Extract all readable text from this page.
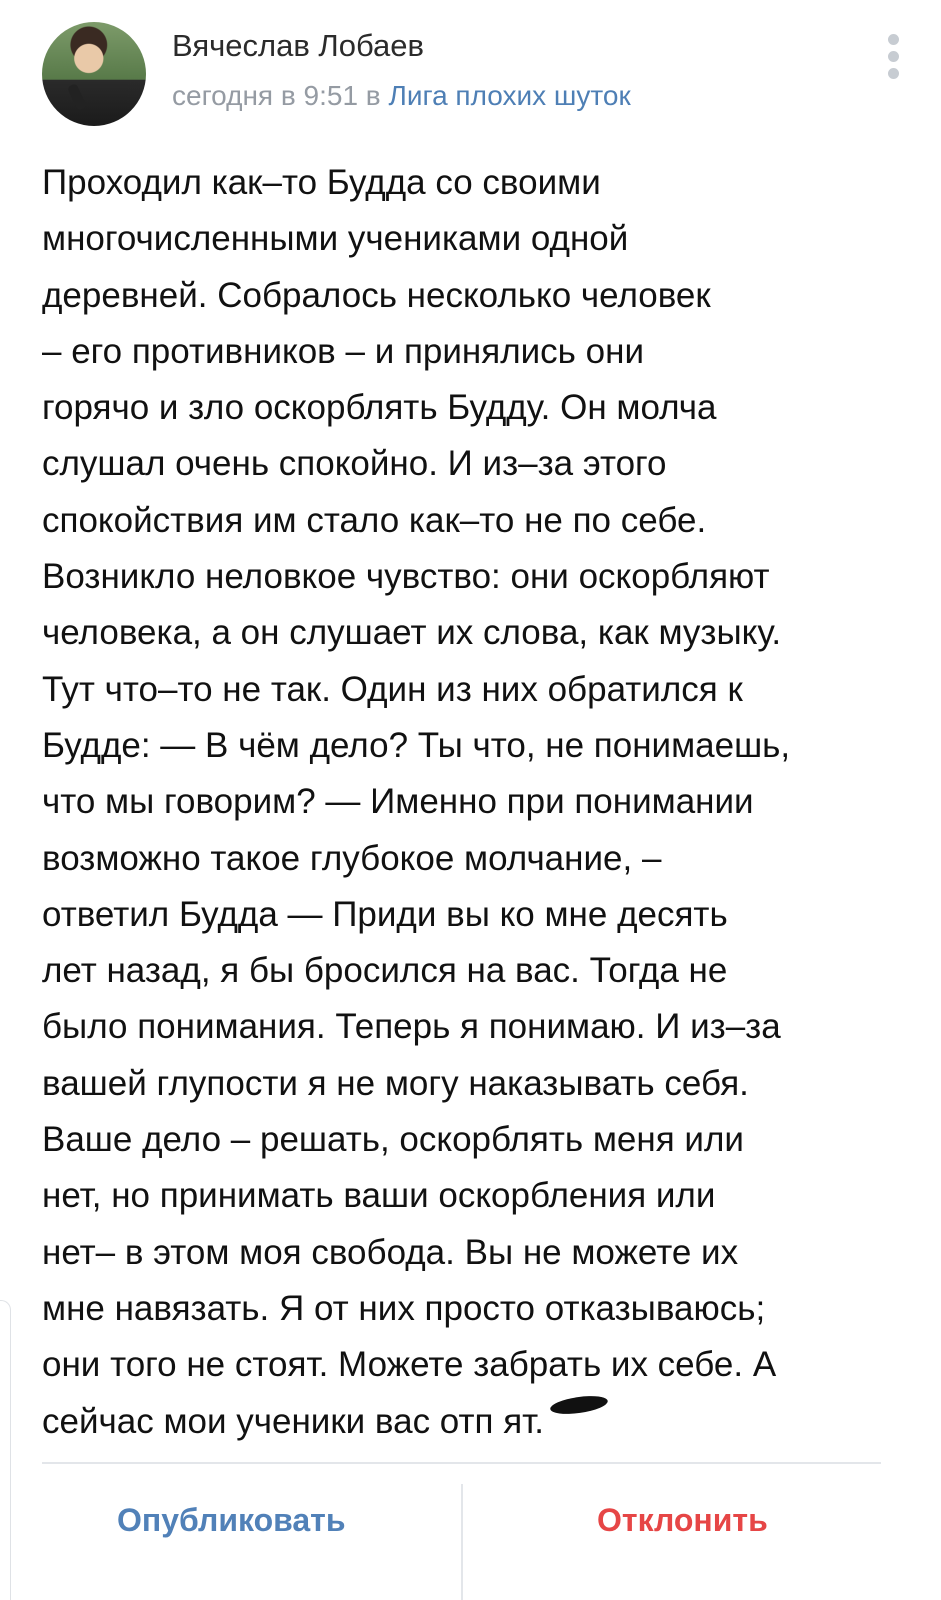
Вячеслав Лобаев
сегодня в 9:51 в Лига плохих шуток
Проходил как–то Будда со своими
многочисленными учениками одной
деревней. Собралось несколько человек
– его противников – и принялись они
горячо и зло оскорблять Будду. Он молча
слушал очень спокойно. И из–за этого
спокойствия им стало как–то не по себе.
Возникло неловкое чувство: они оскорбляют
человека, а он слушает их слова, как музыку.
Тут что–то не так. Один из них обратился к
Будде: — В чём дело? Ты что, не понимаешь,
что мы говорим? — Именно при понимании
возможно такое глубокое молчание, –
ответил Будда — Приди вы ко мне десять
лет назад, я бы бросился на вас. Тогда не
было понимания. Теперь я понимаю. И из–за
вашей глупости я не могу наказывать себя.
Ваше дело – решать, оскорблять меня или
нет, но принимать ваши оскорбления или
нет– в этом моя свобода. Вы не можете их
мне навязать. Я от них просто отказываюсь;
они того не стоят. Можете забрать их себе. А
сейчас мои ученики вас отп ят.
Опубликовать	Отклонить
